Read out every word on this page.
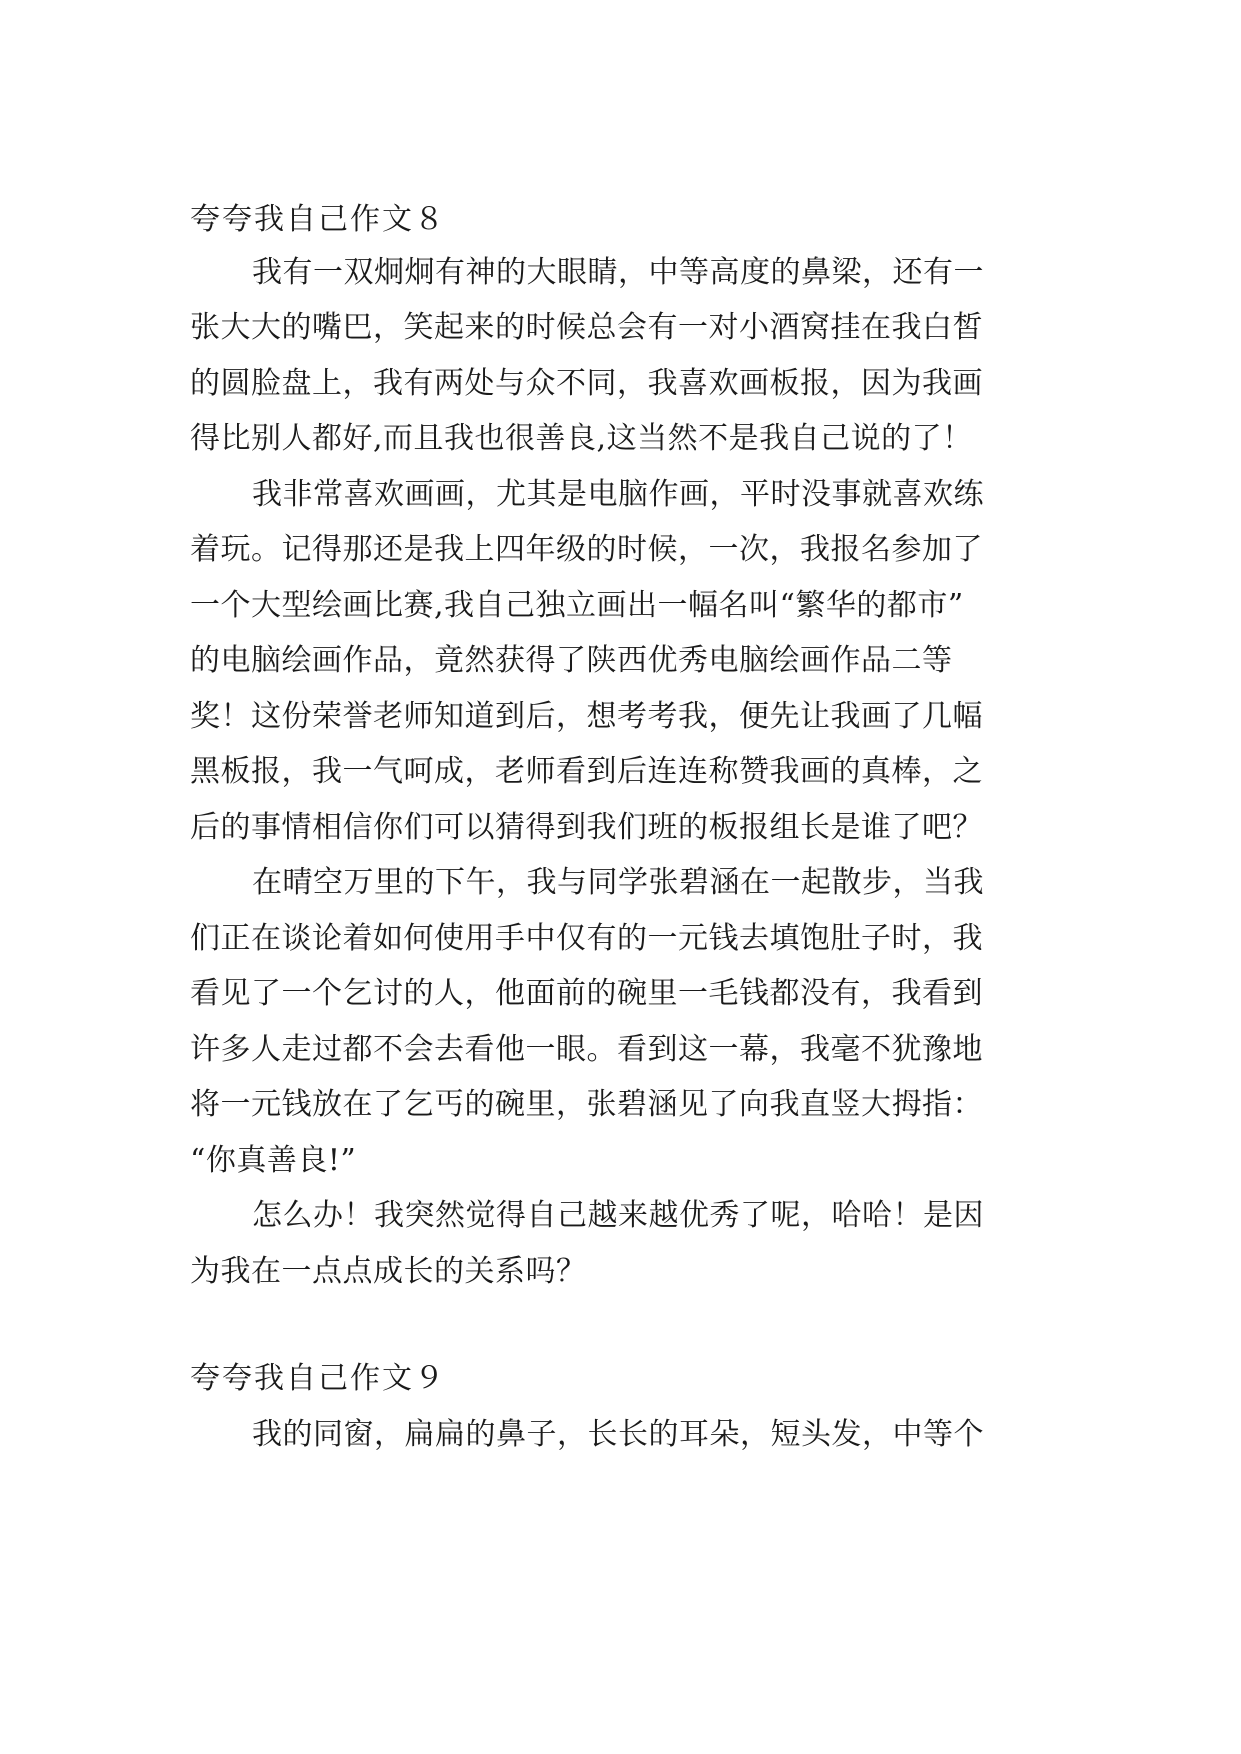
夸夸我自己作文８
我有一双炯炯有神的大眼睛，中等高度的鼻梁，还有一
张大大的嘴巴，笑起来的时候总会有一对小酒窝挂在我白皙
的圆脸盘上，我有两处与众不同，我喜欢画板报，因为我画
得比别人都好,而且我也很善良,这当然不是我自己说的了！
我非常喜欢画画，尤其是电脑作画，平时没事就喜欢练
着玩。记得那还是我上四年级的时候，一次，我报名参加了
一个大型绘画比赛,我自己独立画出一幅名叫“繁华的都市”
的电脑绘画作品，竟然获得了陕西优秀电脑绘画作品二等
奖！这份荣誉老师知道到后，想考考我，便先让我画了几幅
黑板报，我一气呵成，老师看到后连连称赞我画的真棒，之
后的事情相信你们可以猜得到我们班的板报组长是谁了吧？
在晴空万里的下午，我与同学张碧涵在一起散步，当我
们正在谈论着如何使用手中仅有的一元钱去填饱肚子时，我
看见了一个乞讨的人，他面前的碗里一毛钱都没有，我看到
许多人走过都不会去看他一眼。看到这一幕，我毫不犹豫地
将一元钱放在了乞丐的碗里，张碧涵见了向我直竖大拇指：
“你真善良!”
怎么办！我突然觉得自己越来越优秀了呢，哈哈！是因
为我在一点点成长的关系吗？
夸夸我自己作文９
我的同窗，扁扁的鼻子，长长的耳朵，短头发，中等个
